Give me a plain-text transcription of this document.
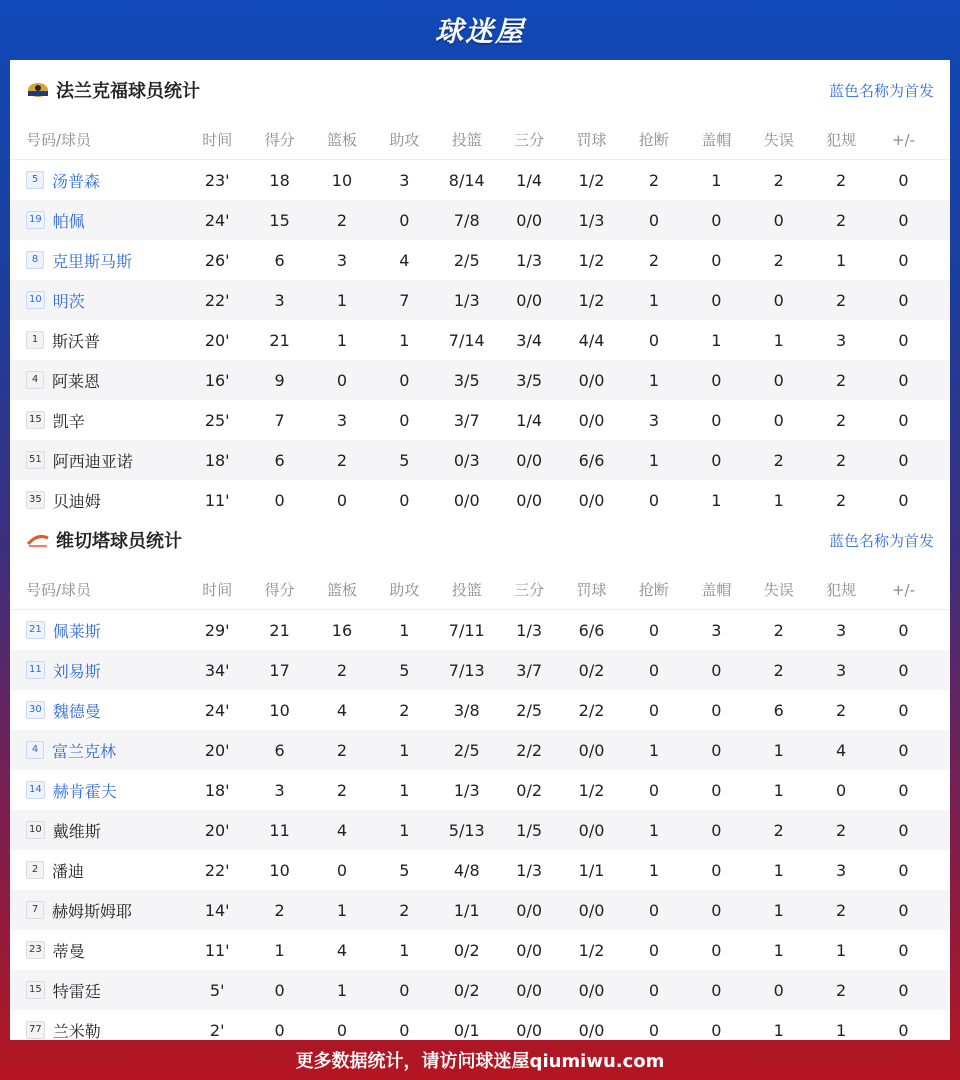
球迷屋
法兰克福球员统计	蓝色名称为首发
号码/球员	时间	得分	篮板	助攻	投篮	三分	罚球	抢断	盖帽	失误	犯规	+/-
5 汤普森	23'	18	10	3	8/14	1/4	1/2	2	1	2	2	0
19 帕佩	24'	15	2	0	7/8	0/0	1/3	0	0	0	2	0
8 克里斯马斯	26'	6	3	4	2/5	1/3	1/2	2	0	2	1	0
10 明茨	22'	3	1	7	1/3	0/0	1/2	1	0	0	2	0
1 斯沃普	20'	21	1	1	7/14	3/4	4/4	0	1	1	3	0
4 阿莱恩	16'	9	0	0	3/5	3/5	0/0	1	0	0	2	0
15 凯辛	25'	7	3	0	3/7	1/4	0/0	3	0	0	2	0
51 阿西迪亚诺	18'	6	2	5	0/3	0/0	6/6	1	0	2	2	0
35 贝迪姆	11'	0	0	0	0/0	0/0	0/0	0	1	1	2	0
维切塔球员统计	蓝色名称为首发
号码/球员	时间	得分	篮板	助攻	投篮	三分	罚球	抢断	盖帽	失误	犯规	+/-
21 佩莱斯	29'	21	16	1	7/11	1/3	6/6	0	3	2	3	0
11 刘易斯	34'	17	2	5	7/13	3/7	0/2	0	0	2	3	0
30 魏德曼	24'	10	4	2	3/8	2/5	2/2	0	0	6	2	0
4 富兰克林	20'	6	2	1	2/5	2/2	0/0	1	0	1	4	0
14 赫肯霍夫	18'	3	2	1	1/3	0/2	1/2	0	0	1	0	0
10 戴维斯	20'	11	4	1	5/13	1/5	0/0	1	0	2	2	0
2 潘迪	22'	10	0	5	4/8	1/3	1/1	1	0	1	3	0
7 赫姆斯姆耶	14'	2	1	2	1/1	0/0	0/0	0	0	1	2	0
23 蒂曼	11'	1	4	1	0/2	0/0	1/2	0	0	1	1	0
15 特雷廷	5'	0	1	0	0/2	0/0	0/0	0	0	0	2	0
77 兰米勒	2'	0	0	0	0/1	0/0	0/0	0	0	1	1	0
更多数据统计，请访问球迷屋qiumiwu.com
